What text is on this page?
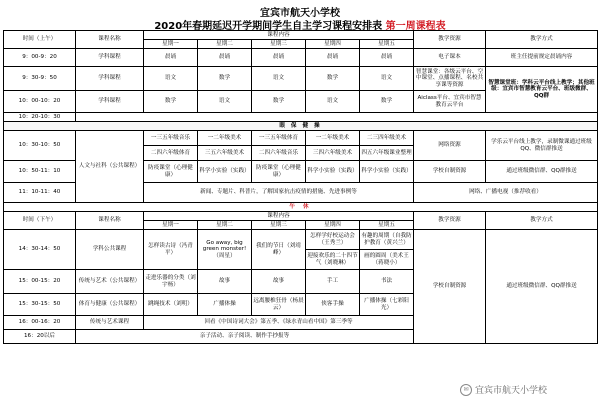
宜宾市航天小学校
2020年春期延迟开学期间学生自主学习课程安排表 第一周课程表
时间（上午）	课程名称	课程内容					教学资源	教学方式
		星期一	星期二	星期三	星期四	星期五		
9：00-9：20	学科课程	晨诵	晨诵	晨诵	晨诵	晨诵	电子课本	班主任提前规定晨诵内容
9：30-9：50	学科课程	语文	数学	语文	数学	语文	智慧课堂：各级云平台、空中课堂、点播课程、名校共享课等资源	智慧课堂班：学科云平台线上教学；其他班级：宜宾市智慧教育云平台、班级微群、QQ群
10：00-10：20	学科课程	数学	语文	数学	语文	数学	Aiclass平台、宜宾市智慧教育云平台	
10：20-10：30								
眼 保 健 操								
10：30-10：50	人文与社科（公共课程）	一三五年级音乐	一二年级美术	一三五年级体育	一二年级美术	二三四年级美术	网络资源	学乐云平台线上教学，录制微课通过班级QQ、微信群推送
		二四六年级体育	三五六年级美术	二四六年级音乐	三四六年级美术	四五六年级课业整理		
10：50-11：10		防疫课堂（心理健康）	科学小实验（实践）	防疫课堂（心理健康）	科学小实验（实践）	科学小实验（实践）	学校自制资源	通过班级微信群、QQ群推送
11：10-11：40		新闻、专题片、科普片，了解国家抗击疫情的措施、先进事例等					网络、广播电视（推荐收看）	
午 休								
时间（下午）	课程名称	课程内容					教学资源	教学方式
		星期一	星期二	星期三	星期四	星期五		
14：30-14：50	学科公共课程	怎样读古诗（冯青平）	Go away, big green monster!（周星）	我们的节日（刘靖峰）	怎样学好校运动会（王秀兰）	有趣的周期（自我防护教育（黄兴兰）	学校自制资源	通过班级微信群、QQ群推送
					迎接欢乐的二十四节气（刘晓琳）	画的圆周（美术王（蒋晓小）		
15：00-15：20	传统与艺术（公共课程）	走进乐器的分类（刘宇杨）	故事	故事	手工	书法		
15：30-15：50	体育与健康（公共课程）	跳绳技术（刘明）	广播体操	远离腰椎狂骨（杨晨云）	侠客手操	广播体操（七彩阳光）		
16：00-16：20	传统与艺术课程	回看《中国诗词大会》第五季、《绿水青山看中国》第三季等						
16：20以后	亲子活动、亲子阅读、制作手抄报等							
✉ 宜宾市航天小学校
